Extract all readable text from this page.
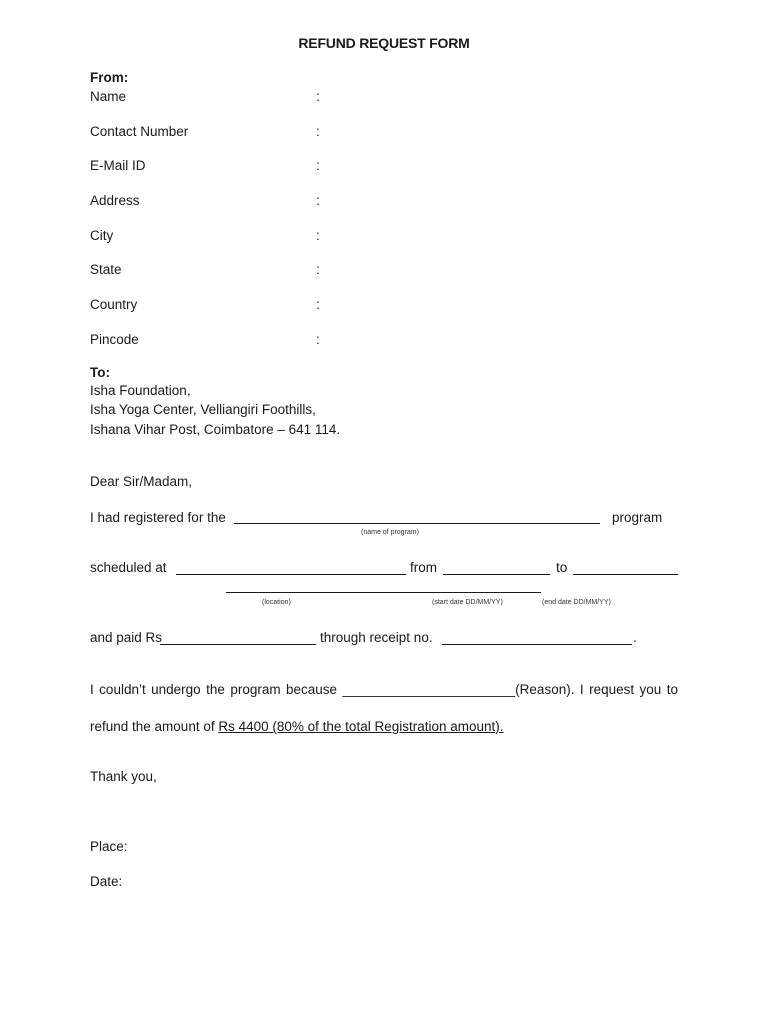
REFUND REQUEST FORM
From:
Name	:
Contact Number	:
E-Mail ID	:
Address	:
City	:
State	:
Country	:
Pincode	:
To:
Isha Foundation,
Isha Yoga Center, Velliangiri Foothills,
Ishana Vihar Post, Coimbatore – 641 114.
Dear Sir/Madam,
I had registered for the	program
(name of program)
scheduled at	from	to
(location)	(start date DD/MM/YY)	(end date DD/MM/YY)
and paid Rs	through receipt no.	.
I couldn’t undergo the program because _______________________(Reason). I request you to
refund the amount of Rs 4400 (80% of the total Registration amount).
Thank you,
Place:
Date:
